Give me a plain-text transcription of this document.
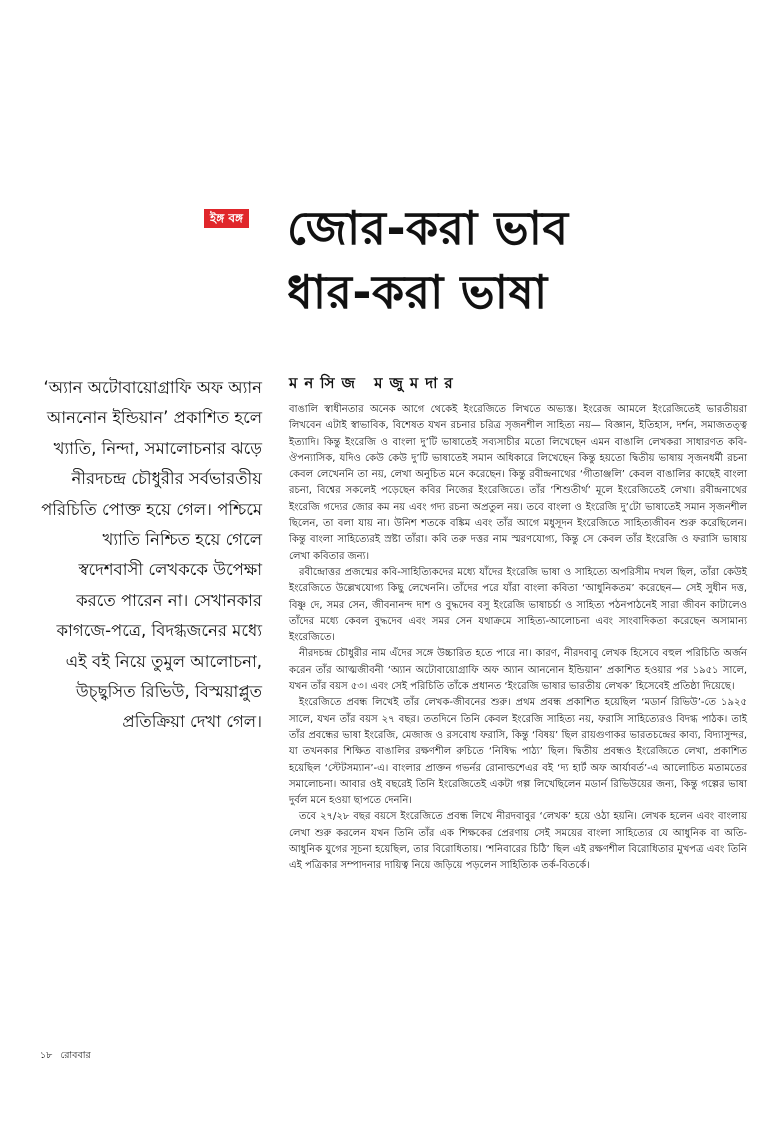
ইঙ্গ বঙ্গ জোর-করা ভাব
ধার-করা ভাষা
মনসিজ মজুমদার
‘অ্যান অটোবায়োগ্রাফি অফ অ্যান আননোন ইন্ডিয়ান’ প্রকাশিত হলে খ্যাতি, নিন্দা, সমালোচনার ঝড়ে নীরদচন্দ্র চৌধুরীর সর্বভারতীয় পরিচিতি পোক্ত হয়ে গেল। পশ্চিমে খ্যাতি নিশ্চিত হয়ে গেলে স্বদেশবাসী লেখককে উপেক্ষা করতে পারেন না। সেখানকার কাগজে-পত্রে, বিদগ্ধজনের মধ্যে এই বই নিয়ে তুমুল আলোচনা, উচ্ছ্বসিত রিভিউ, বিস্ময়াপ্লুত প্রতিক্রিয়া দেখা গেল।

বাঙালি স্বাধীনতার অনেক আগে থেকেই ইংরেজিতে লিখতে অভ্যস্ত। ইংরেজ আমলে ইংরেজিতেই ভারতীয়রা লিখবেন এটাই স্বাভাবিক, বিশেষত যখন রচনার চরিত্র সৃজনশীল সাহিত্য নয়— বিজ্ঞান, ইতিহাস, দর্শন, সমাজতত্ত্ব ইত্যাদি। কিন্তু ইংরেজি ও বাংলা দু’টি ভাষাতেই সব্যসাচীর মতো লিখেছেন এমন বাঙালি লেখকরা সাধারণত কবি-ঔপন্যাসিক, যদিও কেউ কেউ দু’টি ভাষাতেই সমান অধিকারে লিখেছেন কিন্তু হয়তো দ্বিতীয় ভাষায় সৃজনধর্মী রচনা কেবল লেখেননি তা নয়, লেখা অনুচিত মনে করেছেন। কিন্তু রবীন্দ্রনাথের ‘গীতাঞ্জলি’ কেবল বাঙালির কাছেই বাংলা রচনা, বিশ্বের সকলেই পড়েছেন কবির নিজের ইংরেজিতে। তাঁর ‘শিশুতীর্থ’ মূলে ইংরেজিতেই লেখা। রবীন্দ্রনাথের ইংরেজি গদ্যের জোর কম নয় এবং গদ্য রচনা অপ্রতুল নয়। তবে বাংলা ও ইংরেজি দু’টো ভাষাতেই সমান সৃজনশীল ছিলেন, তা বলা যায় না। উনিশ শতকে বঙ্কিম এবং তাঁর আগে মধুসূদন ইংরেজিতে সাহিত্যজীবন শুরু করেছিলেন। কিন্তু বাংলা সাহিত্যেরই স্রষ্টা তাঁরা। কবি তরু দত্তর নাম স্মরণযোগ্য, কিন্তু সে কেবল তাঁর ইংরেজি ও ফরাসি ভাষায় লেখা কবিতার জন্য।

রবীন্দ্রোত্তর প্রজন্মের কবি-সাহিত্যিকদের মধ্যে যাঁদের ইংরেজি ভাষা ও সাহিত্যে অপরিসীম দখল ছিল, তাঁরা কেউই ইংরেজিতে উল্লেখযোগ্য কিছু লেখেননি। তাঁদের পরে যাঁরা বাংলা কবিতা ‘আধুনিকতম’ করেছেন— সেই সুধীন দত্ত, বিষ্ণু দে, সমর সেন, জীবনানন্দ দাশ ও বুদ্ধদেব বসু ইংরেজি ভাষাচর্চা ও সাহিত্য পঠনপাঠনেই সারা জীবন কাটালেও তাঁদের মধ্যে কেবল বুদ্ধদেব এবং সমর সেন যথাক্রমে সাহিত্য-আলোচনা এবং সাংবাদিকতা করেছেন অসামান্য ইংরেজিতে।

নীরদচন্দ্র চৌধুরীর নাম এঁদের সঙ্গে উচ্চারিত হতে পারে না। কারণ, নীরদবাবু লেখক হিসেবে বহুল পরিচিতি অর্জন করেন তাঁর আত্মজীবনী ‘অ্যান অটোবায়োগ্রাফি অফ অ্যান আননোন ইন্ডিয়ান’ প্রকাশিত হওয়ার পর ১৯৫১ সালে, যখন তাঁর বয়স ৫৩। এবং সেই পরিচিতি তাঁকে প্রধানত ‘ইংরেজি ভাষার ভারতীয় লেখক’ হিসেবেই প্রতিষ্ঠা দিয়েছে।

ইংরেজিতে প্রবন্ধ লিখেই তাঁর লেখক-জীবনের শুরু। প্রথম প্রবন্ধ প্রকাশিত হয়েছিল ‘মডার্ন রিভিউ’-তে ১৯২৫ সালে, যখন তাঁর বয়স ২৭ বছর। ততদিনে তিনি কেবল ইংরেজি সাহিত্য নয়, ফরাসি সাহিত্যেরও বিদগ্ধ পাঠক। তাই তাঁর প্রবন্ধের ভাষা ইংরেজি, মেজাজ ও রসবোধ ফরাসি, কিন্তু ‘বিষয়’ ছিল রায়গুণাকর ভারতচন্দ্রের কাব্য, বিদ্যাসুন্দর, যা তখনকার শিক্ষিত বাঙালির রক্ষণশীল রুচিতে ‘নিষিদ্ধ পাঠ্য’ ছিল। দ্বিতীয় প্রবন্ধও ইংরেজিতে লেখা, প্রকাশিত হয়েছিল ‘স্টেটসম্যান’-এ। বাংলার প্রাক্তন গভর্নর রোনাল্ডশেএর বই ‘দ্য হার্ট অফ আর্যাবর্ত’-এ আলোচিত মতামতের সমালোচনা। আবার ওই বছরেই তিনি ইংরেজিতেই একটা গল্প লিখেছিলেন মডার্ন রিভিউয়ের জন্য, কিন্তু গল্পের ভাষা দুর্বল মনে হওয়া ছাপতে দেননি।

তবে ২৭/২৮ বছর বয়সে ইংরেজিতে প্রবন্ধ লিখে নীরদবাবুর ‘লেখক’ হয়ে ওঠা হয়নি। লেখক হলেন এবং বাংলায় লেখা শুরু করলেন যখন তিনি তাঁর এক শিক্ষকের প্রেরণায় সেই সময়ের বাংলা সাহিত্যের যে আধুনিক বা অতি-আধুনিক যুগের সূচনা হয়েছিল, তার বিরোধিতায়। ‘শনিবারের চিঠি’ ছিল এই রক্ষণশীল বিরোধিতার মুখপত্র এবং তিনি এই পত্রিকার সম্পাদনার দায়িত্ব নিয়ে জড়িয়ে পড়লেন সাহিত্যিক তর্ক-বিতর্কে।

১৮ রোববার
